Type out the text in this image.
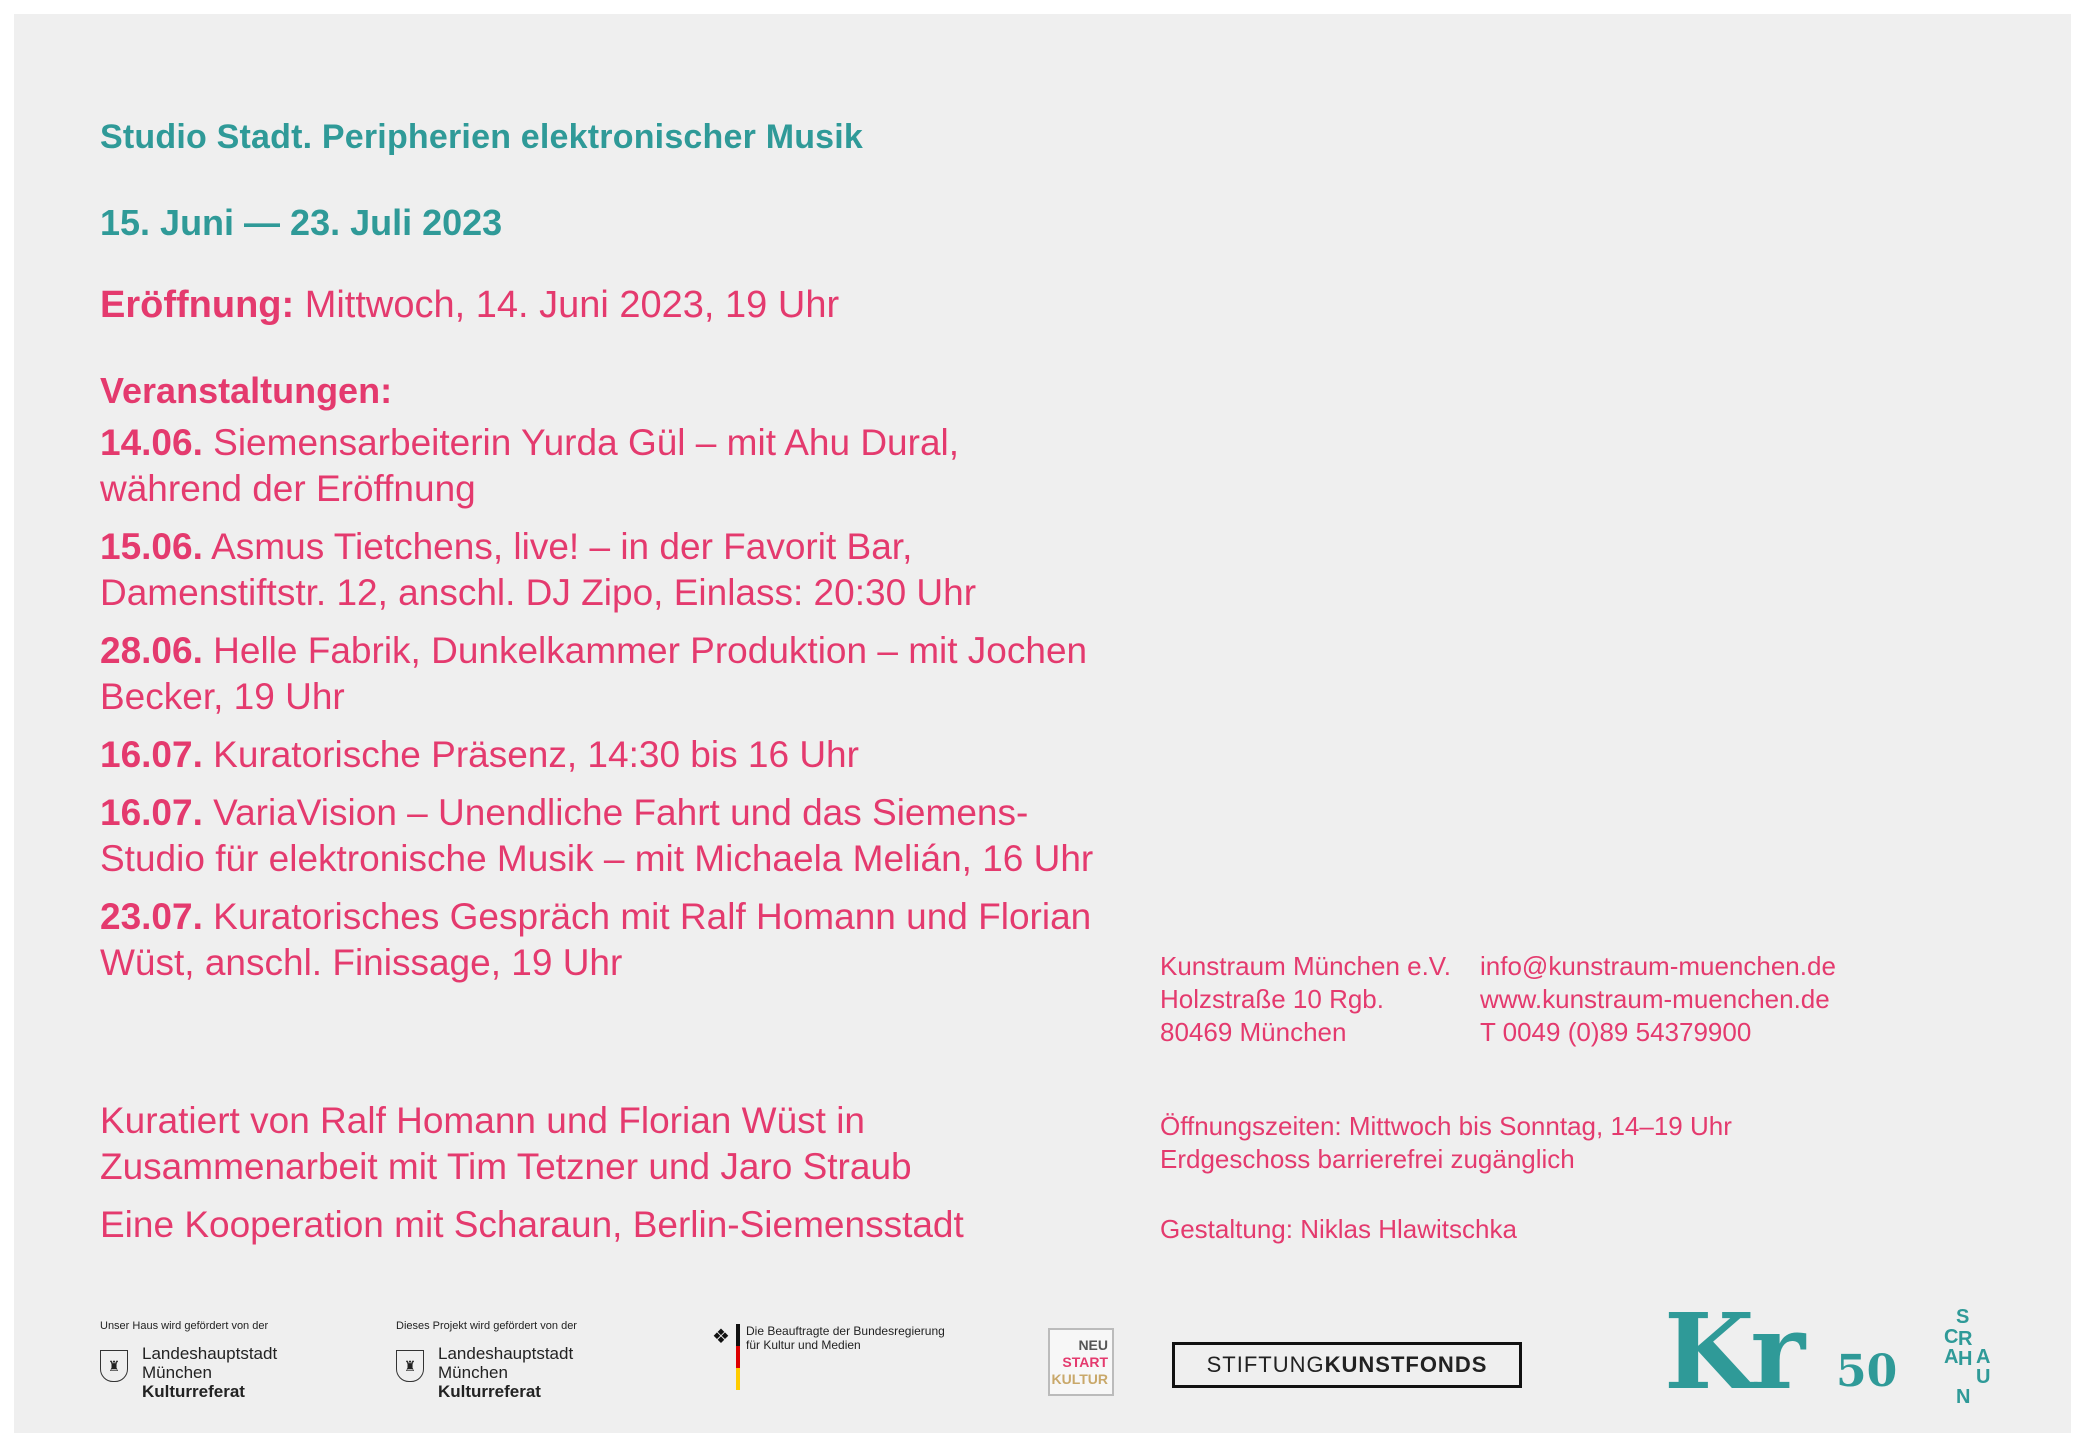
Studio Stadt. Peripherien elektronischer Musik
15. Juni — 23. Juli 2023
Eröffnung: Mittwoch, 14. Juni 2023, 19 Uhr
Veranstaltungen:
14.06. Siemensarbeiterin Yurda Gül – mit Ahu Dural, während der Eröffnung
15.06. Asmus Tietchens, live! – in der Favorit Bar, Damenstiftstr. 12, anschl. DJ Zipo, Einlass: 20:30 Uhr
28.06. Helle Fabrik, Dunkelkammer Produktion – mit Jochen Becker, 19 Uhr
16.07. Kuratorische Präsenz, 14:30 bis 16 Uhr
16.07. VariaVision – Unendliche Fahrt und das Siemens-Studio für elektronische Musik – mit Michaela Melián, 16 Uhr
23.07. Kuratorisches Gespräch mit Ralf Homann und Florian Wüst, anschl. Finissage, 19 Uhr

Kuratiert von Ralf Homann und Florian Wüst in Zusammenarbeit mit Tim Tetzner und Jaro Straub

Eine Kooperation mit Scharaun, Berlin-Siemensstadt

Kunstraum München e.V.
Holzstraße 10 Rgb.
80469 München
info@kunstraum-muenchen.de
www.kunstraum-muenchen.de
T 0049 (0)89 54379900
Öffnungszeiten: Mittwoch bis Sonntag, 14–19 Uhr
Erdgeschoss barrierefrei zugänglich
Gestaltung: Niklas Hlawitschka
Unser Haus wird gefördert von der
♜
Landeshauptstadt
München
Kulturreferat
Dieses Projekt wird gefördert von der
♜
Landeshauptstadt
München
Kulturreferat
❖	Die Beauftragte der Bundesregierung
für Kultur und Medien	NEU
START
KULTUR
STIFTUNG KUNSTFONDS Kr 50
S
C
A
R
H A
U
N
